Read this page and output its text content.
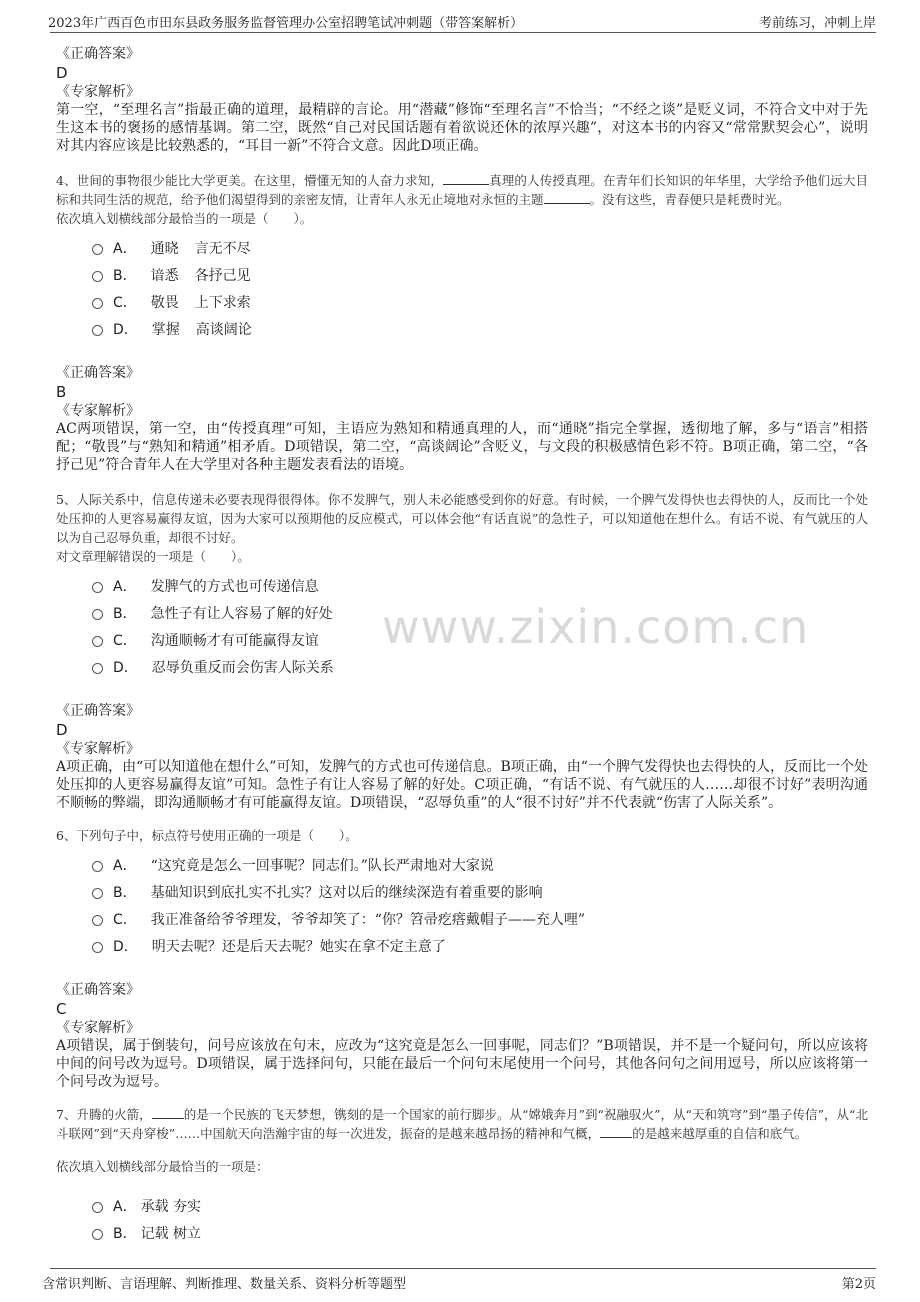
2023年广西百色市田东县政务服务监督管理办公室招聘笔试冲刺题（带答案解析）	考前练习，冲刺上岸
www.zixin.com.cn
《正确答案》
D
《专家解析》
第一空，“至理名言”指最正确的道理，最精辟的言论。用“潜藏”修饰“至理名言”不恰当；“不经之谈”是贬义词，不符合文中对于先生这本书的褒扬的感情基调。第二空，既然“自己对民国话题有着欲说还休的浓厚兴趣”，对这本书的内容又“常常默契会心”，说明对其内容应该是比较熟悉的，“耳目一新”不符合文意。因此D项正确。
4、世间的事物很少能比大学更美。在这里，懵懂无知的人奋力求知，	真理的人传授真理。在青年们长知识的年华里，大学给予他们远大目标和共同生活的规范，给予他们渴望得到的亲密友情，让青年人永无止境地对永恒的主题	。没有这些，青春便只是耗费时光。
依次填入划横线部分最恰当的一项是（　　）。
A． 通晓 言无不尽
B． 谙悉 各抒己见
C． 敬畏 上下求索
D． 掌握 高谈阔论
《正确答案》
B
《专家解析》
AC两项错误，第一空，由“传授真理”可知，主语应为熟知和精通真理的人，而“通晓”指完全掌握，透彻地了解，多与“语言”相搭配；“敬畏”与“熟知和精通”相矛盾。D项错误，第二空，“高谈阔论”含贬义，与文段的积极感情色彩不符。B项正确，第二空，“各抒己见”符合青年人在大学里对各种主题发表看法的语境。
5、人际关系中，信息传递未必要表现得很得体。你不发脾气，别人未必能感受到你的好意。有时候，一个脾气发得快也去得快的人，反而比一个处处压抑的人更容易赢得友谊，因为大家可以预期他的反应模式，可以体会他“有话直说”的急性子，可以知道他在想什么。有话不说、有气就压的人以为自己忍辱负重，却很不讨好。
对文章理解错误的一项是（　　）。
A． 发脾气的方式也可传递信息
B． 急性子有让人容易了解的好处
C． 沟通顺畅才有可能赢得友谊
D． 忍辱负重反而会伤害人际关系
《正确答案》
D
《专家解析》
A项正确，由“可以知道他在想什么”可知，发脾气的方式也可传递信息。B项正确，由“一个脾气发得快也去得快的人，反而比一个处处压抑的人更容易赢得友谊”可知。急性子有让人容易了解的好处。C项正确，“有话不说、有气就压的人……却很不讨好”表明沟通不顺畅的弊端，即沟通顺畅才有可能赢得友谊。D项错误，“忍辱负重”的人“很不讨好”并不代表就“伤害了人际关系”。
6、下列句子中，标点符号使用正确的一项是（　　）。
A． “这究竟是怎么一回事呢？同志们。”队长严肃地对大家说
B． 基础知识到底扎实不扎实？这对以后的继续深造有着重要的影响
C． 我正准备给爷爷理发，爷爷却笑了：“你？笤帚疙瘩戴帽子——充人哩”
D． 明天去呢？还是后天去呢？她实在拿不定主意了
《正确答案》
C
《专家解析》
A项错误，属于倒装句，问号应该放在句末，应改为“这究竟是怎么一回事呢，同志们？”B项错误，并不是一个疑问句，所以应该将中间的问号改为逗号。D项错误，属于选择问句，只能在最后一个问句末尾使用一个问号，其他各问句之间用逗号，所以应该将第一个问号改为逗号。
7、升腾的火箭，	的是一个民族的飞天梦想，镌刻的是一个国家的前行脚步。从“嫦娥奔月”到“祝融驭火”，从“天和筑穹”到“墨子传信”，从“北斗联网”到“天舟穿梭”……中国航天向浩瀚宇宙的每一次进发，振奋的是越来越昂扬的精神和气概，	的是越来越厚重的自信和底气。
依次填入划横线部分最恰当的一项是：
A． 承载 夯实
B． 记载 树立
含常识判断、言语理解、判断推理、数量关系、资料分析等题型	第2页
